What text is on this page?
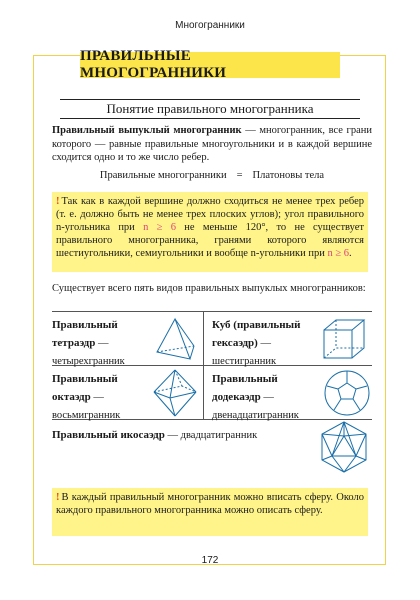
Многогранники
ПРАВИЛЬНЫЕ МНОГОГРАННИКИ
Понятие правильного многогранника
Правильный выпуклый многогранник — многогранник, все грани которого — равные правильные многоугольники и в каждой вершине сходится одно и то же число ребер.
Правильные многогранники = Платоновы тела
! Так как в каждой вершине должно сходиться не менее трех ребер (т. е. должно быть не менее трех плоских углов); угол правильного n-угольника при n ≥ 6 не меньше 120°, то не существует правильного многогранника, гранями которого являются шестиугольники, семиугольники и вообще n-угольники при n ≥ 6.
Существует всего пять видов правильных выпуклых многогранников:
Правильный тетраэдр — четырехгранник
Куб (правильный гексаэдр) — шестигранник
Правильный октаэдр — восьмигранник
Правильный додекаэдр — двенадцатигранник
Правильный икосаэдр — двадцатигранник
! В каждый правильный многогранник можно вписать сферу. Около каждого правильного многогранника можно описать сферу.
172
